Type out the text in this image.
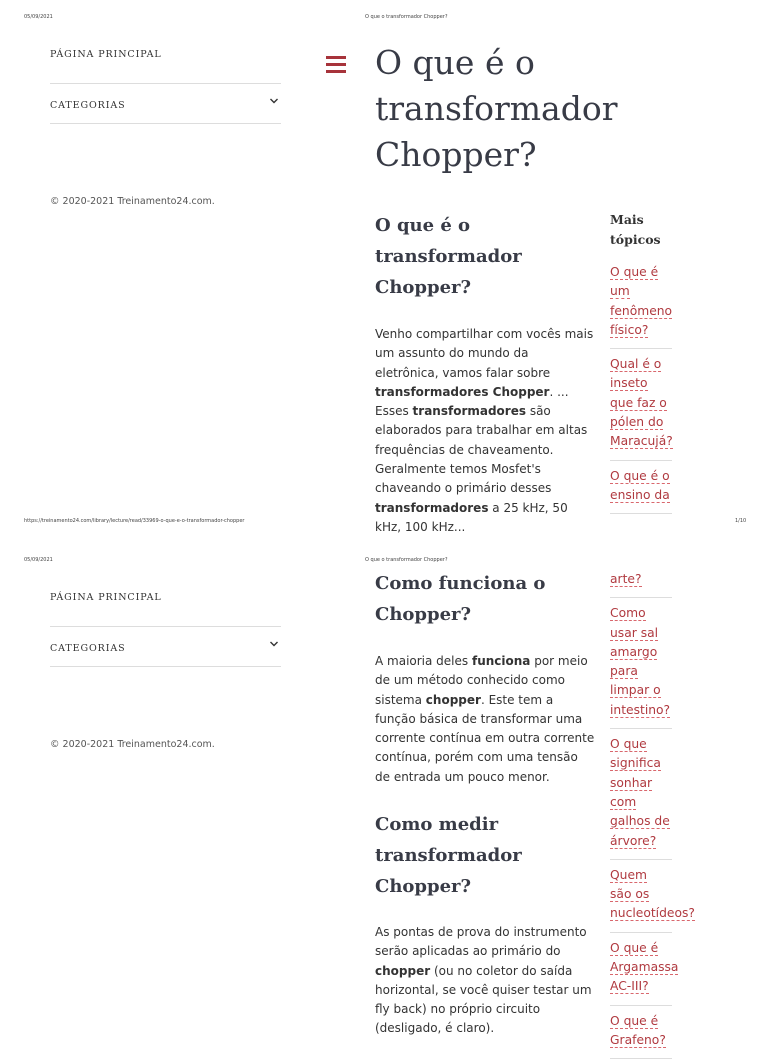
05/09/2021	O que o transformador Chopper?
PÁGINA PRINCIPAL
CATEGORIAS
© 2020-2021 Treinamento24.com.
O que é o transformador Chopper?
O que é o transformador Chopper?

Venho compartilhar com vocês mais um assunto do mundo da eletrônica, vamos falar sobre transformadores Chopper. ... Esses transformadores são elaborados para trabalhar em altas frequências de chaveamento. Geralmente temos Mosfet's chaveando o primário desses transformadores a 25 kHz, 50 kHz, 100 kHz...

Mais tópicos
O que é um fenômeno físico?
Qual é o inseto que faz o pólen do Maracujá?
O que é o ensino da
https://treinamento24.com/library/lecture/read/33969-o-que-e-o-transformador-chopper	1/10
05/09/2021	O que o transformador Chopper?
PÁGINA PRINCIPAL
CATEGORIAS
© 2020-2021 Treinamento24.com.
Como funciona o Chopper?

A maioria deles funciona por meio de um método conhecido como sistema chopper. Este tem a função básica de transformar uma corrente contínua em outra corrente contínua, porém com uma tensão de entrada um pouco menor.

Como medir transformador Chopper?

As pontas de prova do instrumento serão aplicadas ao primário do chopper (ou no coletor do saída horizontal, se você quiser testar um fly back) no próprio circuito (desligado, é claro).

arte?
Como usar sal amargo para limpar o intestino?
O que significa sonhar com galhos de árvore?
Quem são os nucleotídeos?
O que é Argamassa AC-III?
O que é Grafeno?
